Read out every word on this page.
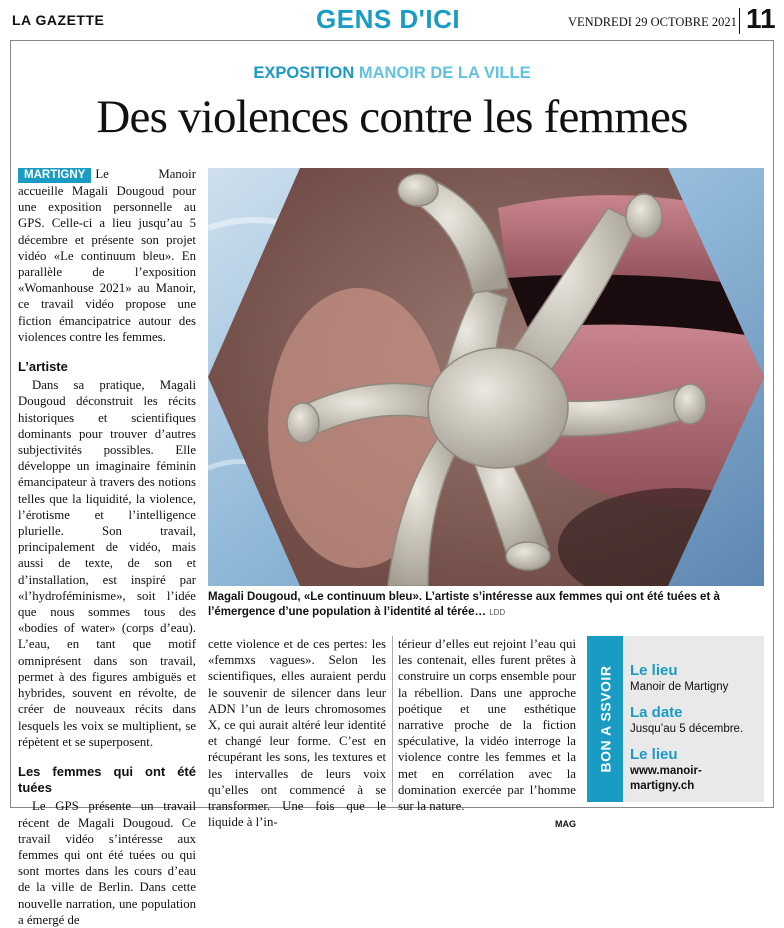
LA GAZETTE	GENS D'ICI	VENDREDI 29 OCTOBRE 2021 11
EXPOSITION MANOIR DE LA VILLE
Des violences contre les femmes

MARTIGNY Le Manoir accueille Magali Dougoud pour une exposition personnelle au GPS. Celle-ci a lieu jusqu’au 5 décembre et présente son projet vidéo «Le continuum bleu». En parallèle de l’exposition «Womanhouse 2021» au Manoir, ce travail vidéo propose une fiction émancipatrice autour des violences contre les femmes.

L’artiste

Dans sa pratique, Magali Dougoud déconstruit les récits historiques et scientifiques dominants pour trouver d’autres subjectivités possibles. Elle développe un imaginaire féminin émancipateur à travers des notions telles que la liquidité, la violence, l’érotisme et l’intelligence plurielle. Son travail, principalement de vidéo, mais aussi de texte, de son et d’installation, est inspiré par «l’hydroféminisme», soit l’idée que nous sommes tous des «bodies of water» (corps d’eau). L’eau, en tant que motif omniprésent dans son travail, permet à des figures ambiguës et hybrides, souvent en révolte, de créer de nouveaux récits dans lesquels les voix se multiplient, se répètent et se superposent.

Les femmes qui ont été tuées

Le GPS présente un travail récent de Magali Dougoud. Ce travail vidéo s’intéresse aux femmes qui ont été tuées ou qui sont mortes dans les cours d’eau de la ville de Berlin. Dans cette nouvelle narration, une population a émergé de

Magali Dougoud, «Le continuum bleu». L’artiste s’intéresse aux femmes qui ont été tuées et à l’émergence d’une population à l’identité al térée… LDD

cette violence et de ces pertes: les «femmxs vagues». Selon les scientifiques, elles auraient perdu le souvenir de silencer dans leur ADN l’un de leurs chromosomes X, ce qui aurait altéré leur identité et changé leur forme. C’est en récupérant les sons, les textures et les intervalles de leurs voix qu’elles ont commencé à se transformer. Une fois que le liquide à l’in-

térieur d’elles eut rejoint l’eau qui les contenait, elles furent prêtes à construire un corps ensemble pour la rébellion. Dans une approche poétique et une esthétique narrative proche de la fiction spéculative, la vidéo interroge la violence contre les femmes et la met en corrélation avec la domination exercée par l’homme sur la nature.

MAG
BON A SSVOIR Le lieu
Manoir de Martigny
La date
Jusqu’au 5 décembre.
Le lieu
www.manoir-martigny.ch
